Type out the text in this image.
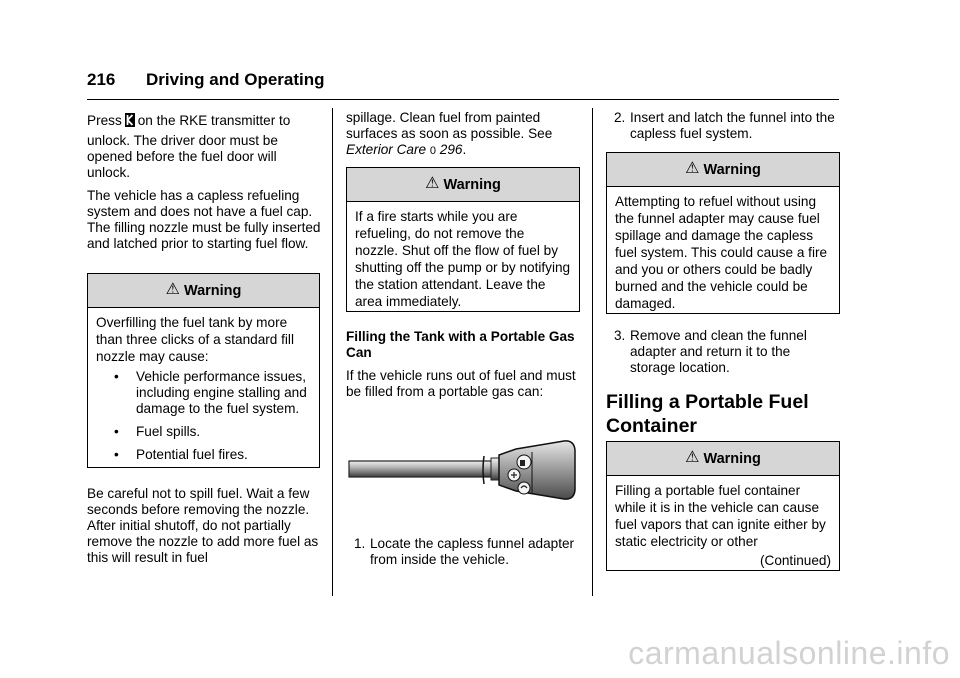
216 Driving and Operating

Press on the RKE transmitter to

unlock. The driver door must be opened before the fuel door will unlock.

The vehicle has a capless refueling system and does not have a fuel cap. The filling nozzle must be fully inserted and latched prior to starting fuel flow.

⚠ Warning

Overfilling the fuel tank by more than three clicks of a standard fill nozzle may cause:

• Vehicle performance issues, including engine stalling and damage to the fuel system.
• Fuel spills.
• Potential fuel fires.

Be careful not to spill fuel. Wait a few seconds before removing the nozzle. After initial shutoff, do not partially remove the nozzle to add more fuel as this will result in fuel

spillage. Clean fuel from painted surfaces as soon as possible. See Exterior Care 0 296.

⚠ Warning

If a fire starts while you are refueling, do not remove the nozzle. Shut off the flow of fuel by shutting off the pump or by notifying the station attendant. Leave the area immediately.

Filling the Tank with a Portable Gas Can

If the vehicle runs out of fuel and must be filled from a portable gas can:

1. Locate the capless funnel adapter from inside the vehicle.
2. Insert and latch the funnel into the capless fuel system.
⚠ Warning

Attempting to refuel without using the funnel adapter may cause fuel spillage and damage the capless fuel system. This could cause a fire and you or others could be badly burned and the vehicle could be damaged.

3. Remove and clean the funnel adapter and return it to the storage location.
Filling a Portable Fuel Container
⚠ Warning

Filling a portable fuel container while it is in the vehicle can cause fuel vapors that can ignite either by static electricity or other

(Continued)

carmanualsonline.info
